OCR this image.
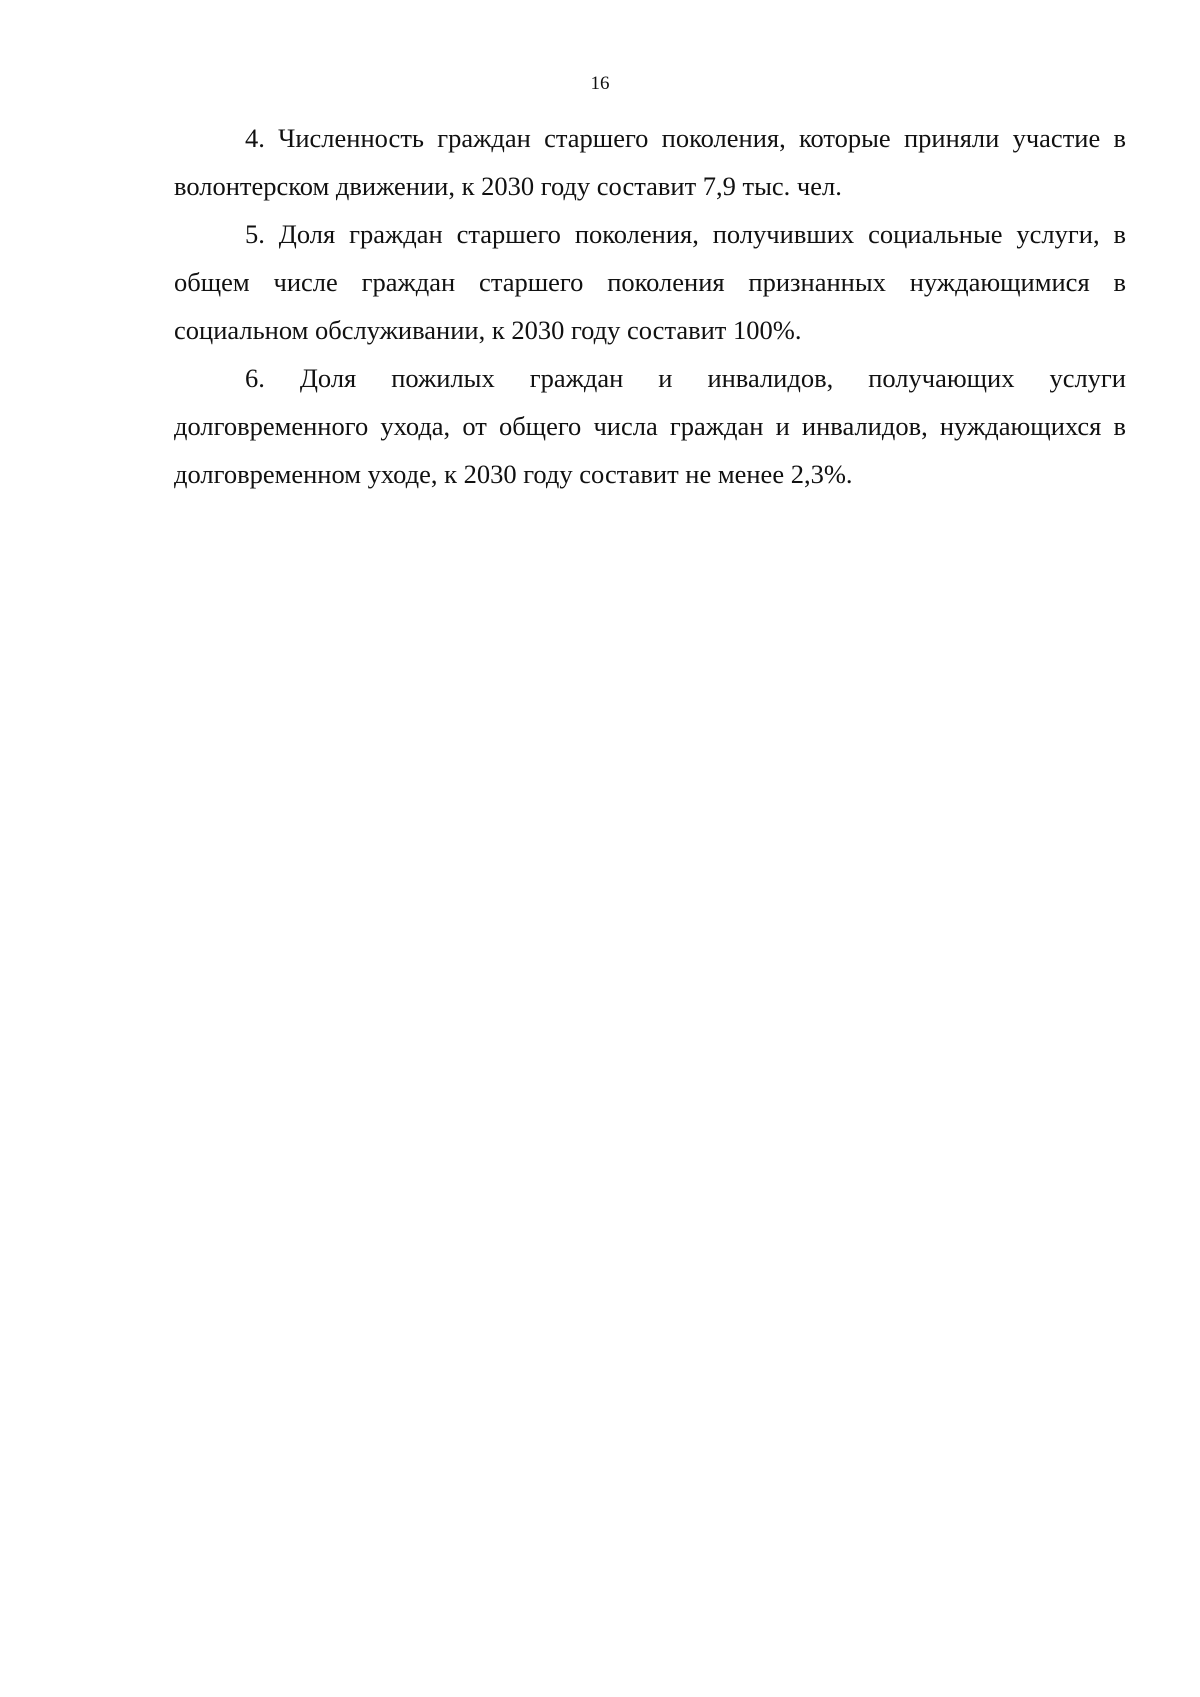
16

4. Численность граждан старшего поколения, которые приняли участие в волонтерском движении, к 2030 году составит 7,9 тыс. чел.

5. Доля граждан старшего поколения, получивших социальные услуги, в общем числе граждан старшего поколения признанных нуждающимися в социальном обслуживании, к 2030 году составит 100%.

6. Доля пожилых граждан и инвалидов, получающих услуги долговременного ухода, от общего числа граждан и инвалидов, нуждающихся в долговременном уходе, к 2030 году составит не менее 2,3%.
